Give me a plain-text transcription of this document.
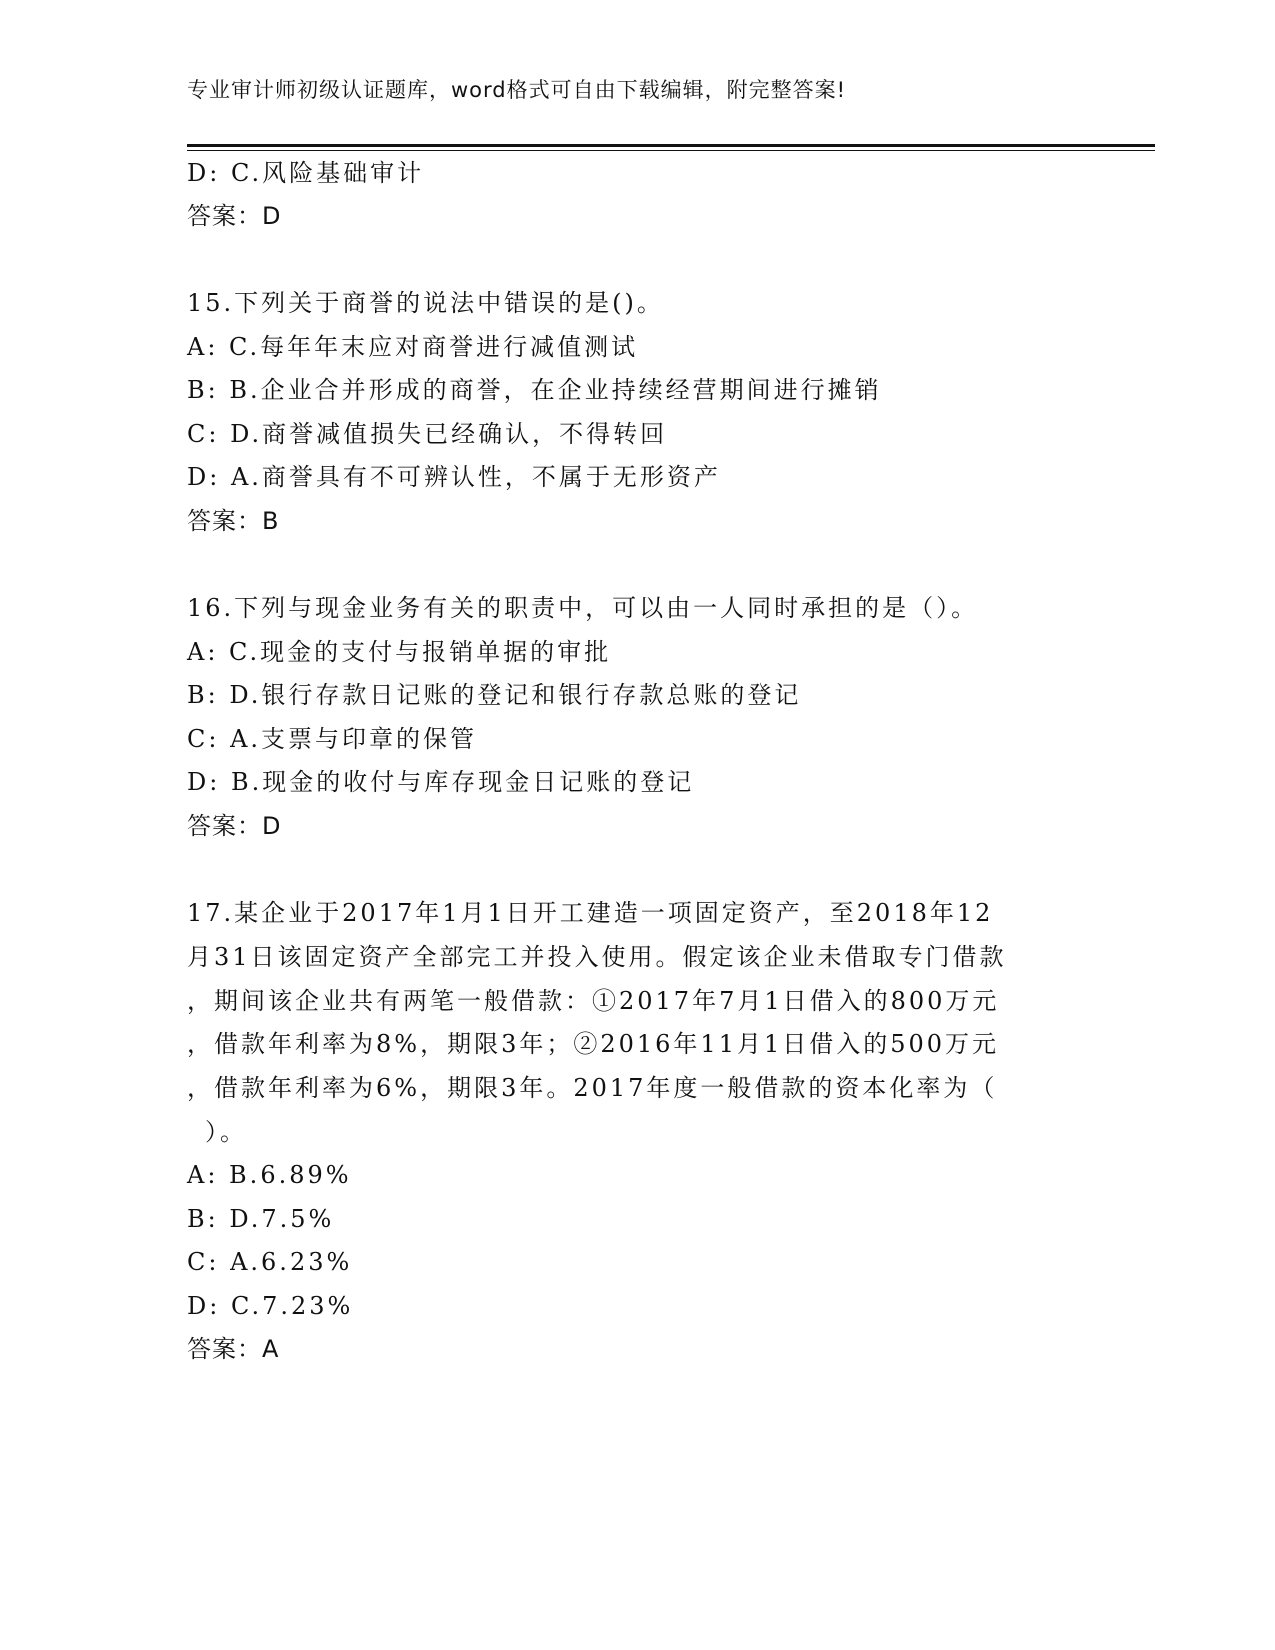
专业审计师初级认证题库，word格式可自由下载编辑，附完整答案!
D: C.风险基础审计
答案：D
15.下列关于商誉的说法中错误的是()。
A: C.每年年末应对商誉进行减值测试
B: B.企业合并形成的商誉，在企业持续经营期间进行摊销
C: D.商誉减值损失已经确认，不得转回
D: A.商誉具有不可辨认性，不属于无形资产
答案：B
16.下列与现金业务有关的职责中，可以由一人同时承担的是（）。
A: C.现金的支付与报销单据的审批
B: D.银行存款日记账的登记和银行存款总账的登记
C: A.支票与印章的保管
D: B.现金的收付与库存现金日记账的登记
答案：D
17.某企业于2017年1月1日开工建造一项固定资产，至2018年12
月31日该固定资产全部完工并投入使用。假定该企业未借取专门借款
，期间该企业共有两笔一般借款：①2017年7月1日借入的800万元
，借款年利率为8%，期限3年；②2016年11月1日借入的500万元
，借款年利率为6%，期限3年。2017年度一般借款的资本化率为（
）。
A: B.6.89%
B: D.7.5%
C: A.6.23%
D: C.7.23%
答案：A
